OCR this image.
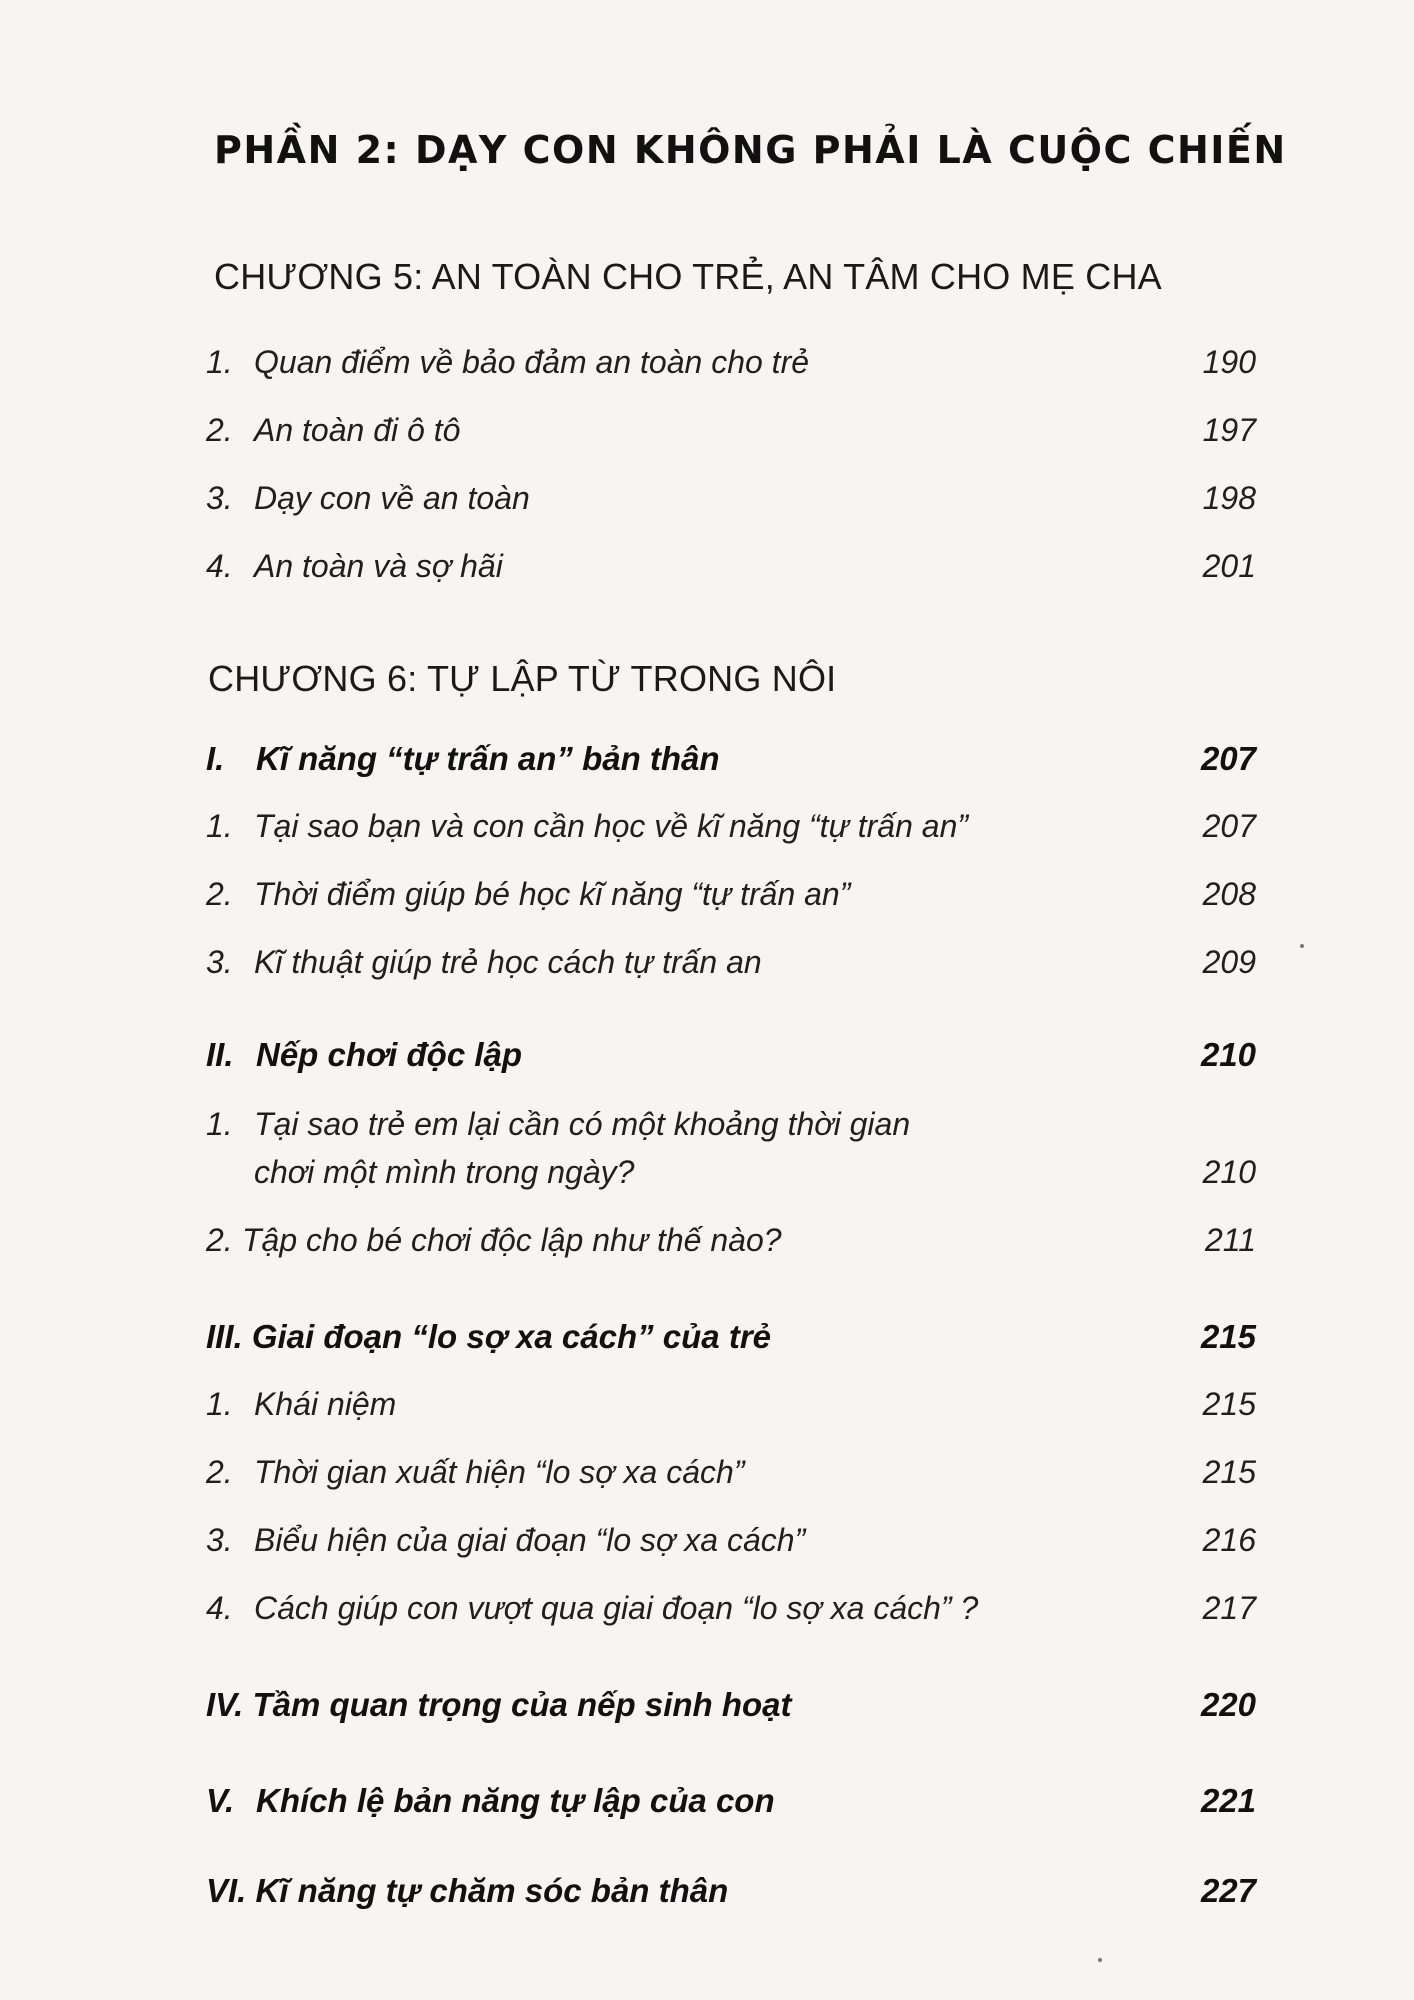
PHẦN 2: DẠY CON KHÔNG PHẢI LÀ CUỘC CHIẾN
CHƯƠNG 5: AN TOÀN CHO TRẺ, AN TÂM CHO MẸ CHA
1. Quan điểm về bảo đảm an toàn cho trẻ	190
2. An toàn đi ô tô	197
3. Dạy con về an toàn	198
4. An toàn và sợ hãi	201
CHƯƠNG 6: TỰ LẬP TỪ TRONG NÔI
I. Kĩ năng “tự trấn an” bản thân	207
1. Tại sao bạn và con cần học về kĩ năng “tự trấn an”	207
2. Thời điểm giúp bé học kĩ năng “tự trấn an”	208
3. Kĩ thuật giúp trẻ học cách tự trấn an	209
II. Nếp chơi độc lập	210
1. Tại sao trẻ em lại cần có một khoảng thời gian
chơi một mình trong ngày?	210
2. Tập cho bé chơi độc lập như thế nào?	211
III. Giai đoạn “lo sợ xa cách” của trẻ	215
1. Khái niệm	215
2. Thời gian xuất hiện “lo sợ xa cách”	215
3. Biểu hiện của giai đoạn “lo sợ xa cách”	216
4. Cách giúp con vượt qua giai đoạn “lo sợ xa cách” ?	217
IV. Tầm quan trọng của nếp sinh hoạt	220
V. Khích lệ bản năng tự lập của con	221
VI. Kĩ năng tự chăm sóc bản thân	227
